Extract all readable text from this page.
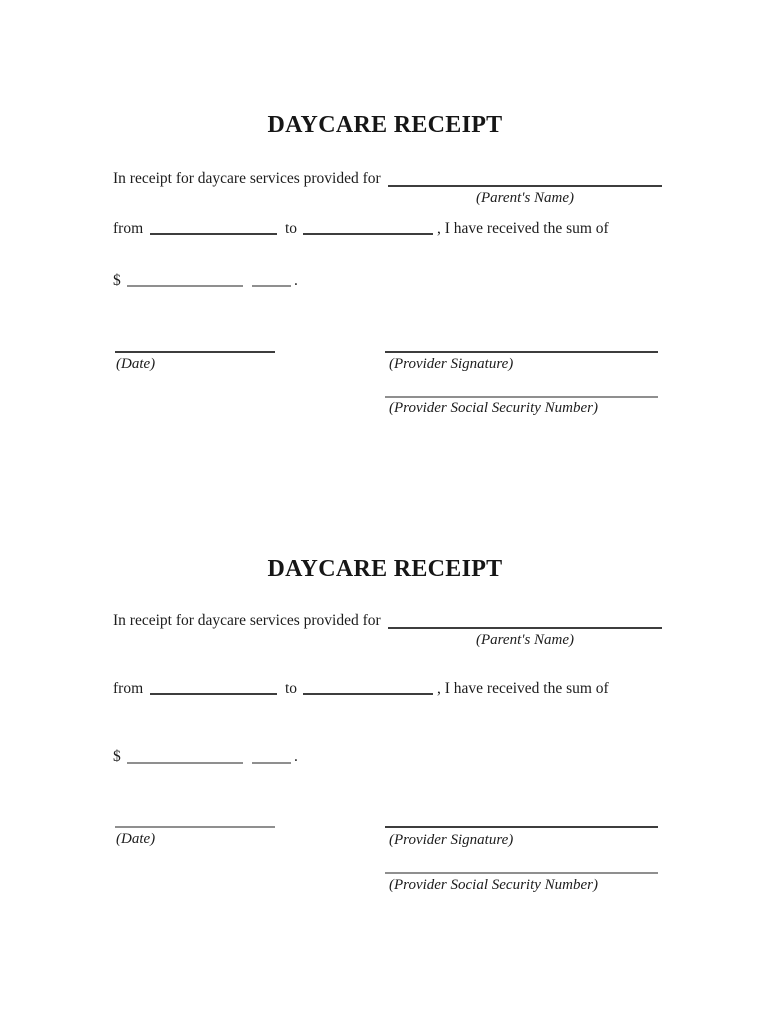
DAYCARE RECEIPT
In receipt for daycare services provided for
(Parent's Name)
from	to	, I have received the sum of
$	.
(Date)	(Provider Signature)
(Provider Social Security Number)
DAYCARE RECEIPT
In receipt for daycare services provided for
(Parent's Name)
from	to	, I have received the sum of
$	.
(Date)	(Provider Signature)
(Provider Social Security Number)
